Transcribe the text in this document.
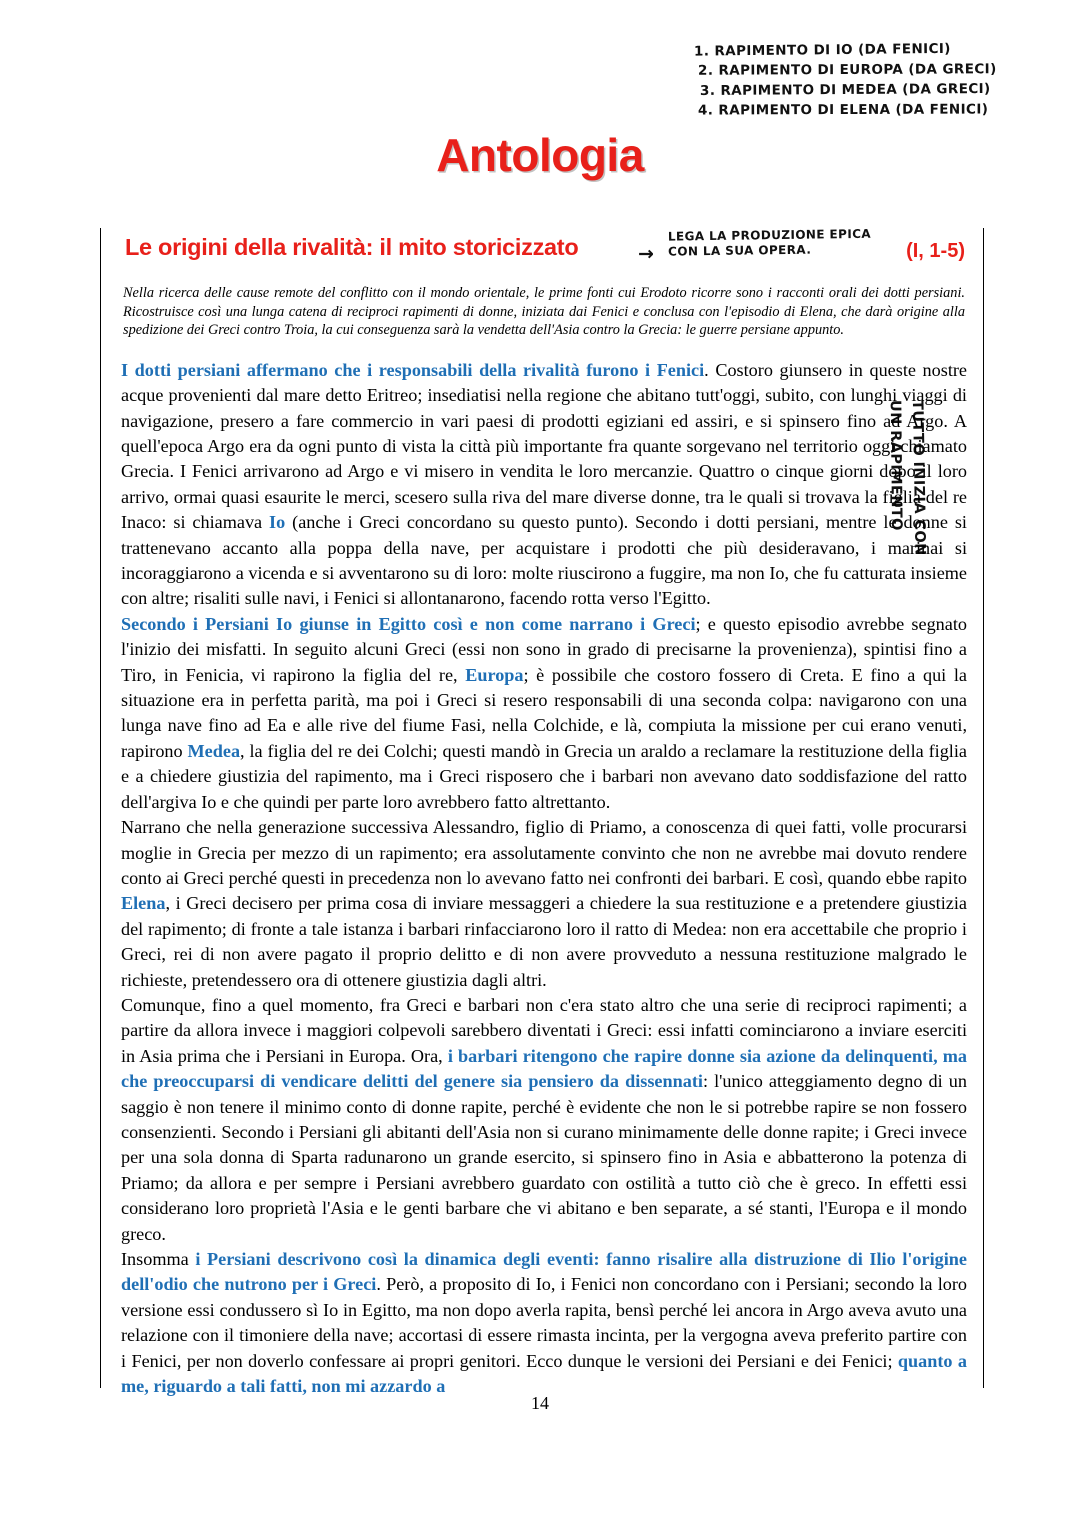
1. RAPIMENTO DI IO (DA FENICI)
2. RAPIMENTO DI EUROPA (DA GRECI)
3. RAPIMENTO DI MEDEA (DA GRECI)
4. RAPIMENTO DI ELENA (DA FENICI)
Antologia
→
LEGA LA PRODUZIONE EPICA
CON LA SUA OPERA.
TUTTO INIZIA CON
UN RAPIMENTO
Le origini della rivalità: il mito storicizzato	(I, 1-5)
Nella ricerca delle cause remote del conflitto con il mondo orientale, le prime fonti cui Erodoto ricorre sono i racconti orali dei dotti persiani. Ricostruisce così una lunga catena di reciproci rapimenti di donne, iniziata dai Fenici e conclusa con l'episodio di Elena, che darà origine alla spedizione dei Greci contro Troia, la cui conseguenza sarà la vendetta dell'Asia contro la Grecia: le guerre persiane appunto.

I dotti persiani affermano che i responsabili della rivalità furono i Fenici. Costoro giunsero in queste nostre acque provenienti dal mare detto Eritreo; insediatisi nella regione che abitano tutt'oggi, subito, con lunghi viaggi di navigazione, presero a fare commercio in vari paesi di prodotti egiziani ed assiri, e si spinsero fino ad Argo. A quell'epoca Argo era da ogni punto di vista la città più importante fra quante sorgevano nel territorio oggi chiamato Grecia. I Fenici arrivarono ad Argo e vi misero in vendita le loro mercanzie. Quattro o cinque giorni dopo il loro arrivo, ormai quasi esaurite le merci, scesero sulla riva del mare diverse donne, tra le quali si trovava la figlia del re Inaco: si chiamava Io (anche i Greci concordano su questo punto). Secondo i dotti persiani, mentre le donne si trattenevano accanto alla poppa della nave, per acquistare i prodotti che più desideravano, i marinai si incoraggiarono a vicenda e si avventarono su di loro: molte riuscirono a fuggire, ma non Io, che fu catturata insieme con altre; risaliti sulle navi, i Fenici si allontanarono, facendo rotta verso l'Egitto.

Secondo i Persiani Io giunse in Egitto così e non come narrano i Greci; e questo episodio avrebbe segnato l'inizio dei misfatti. In seguito alcuni Greci (essi non sono in grado di precisarne la provenienza), spintisi fino a Tiro, in Fenicia, vi rapirono la figlia del re, Europa; è possibile che costoro fossero di Creta. E fino a qui la situazione era in perfetta parità, ma poi i Greci si resero responsabili di una seconda colpa: navigarono con una lunga nave fino ad Ea e alle rive del fiume Fasi, nella Colchide, e là, compiuta la missione per cui erano venuti, rapirono Medea, la figlia del re dei Colchi; questi mandò in Grecia un araldo a reclamare la restituzione della figlia e a chiedere giustizia del rapimento, ma i Greci risposero che i barbari non avevano dato soddisfazione del ratto dell'argiva Io e che quindi per parte loro avrebbero fatto altrettanto.

Narrano che nella generazione successiva Alessandro, figlio di Priamo, a conoscenza di quei fatti, volle procurarsi moglie in Grecia per mezzo di un rapimento; era assolutamente convinto che non ne avrebbe mai dovuto rendere conto ai Greci perché questi in precedenza non lo avevano fatto nei confronti dei barbari. E così, quando ebbe rapito Elena, i Greci decisero per prima cosa di inviare messaggeri a chiedere la sua restituzione e a pretendere giustizia del rapimento; di fronte a tale istanza i barbari rinfacciarono loro il ratto di Medea: non era accettabile che proprio i Greci, rei di non avere pagato il proprio delitto e di non avere provveduto a nessuna restituzione malgrado le richieste, pretendessero ora di ottenere giustizia dagli altri.

Comunque, fino a quel momento, fra Greci e barbari non c'era stato altro che una serie di reciproci rapimenti; a partire da allora invece i maggiori colpevoli sarebbero diventati i Greci: essi infatti cominciarono a inviare eserciti in Asia prima che i Persiani in Europa. Ora, i barbari ritengono che rapire donne sia azione da delinquenti, ma che preoccuparsi di vendicare delitti del genere sia pensiero da dissennati: l'unico atteggiamento degno di un saggio è non tenere il minimo conto di donne rapite, perché è evidente che non le si potrebbe rapire se non fossero consenzienti. Secondo i Persiani gli abitanti dell'Asia non si curano minimamente delle donne rapite; i Greci invece per una sola donna di Sparta radunarono un grande esercito, si spinsero fino in Asia e abbatterono la potenza di Priamo; da allora e per sempre i Persiani avrebbero guardato con ostilità a tutto ciò che è greco. In effetti essi considerano loro proprietà l'Asia e le genti barbare che vi abitano e ben separate, a sé stanti, l'Europa e il mondo greco.

Insomma i Persiani descrivono così la dinamica degli eventi: fanno risalire alla distruzione di Ilio l'origine dell'odio che nutrono per i Greci. Però, a proposito di Io, i Fenici non concordano con i Persiani; secondo la loro versione essi condussero sì Io in Egitto, ma non dopo averla rapita, bensì perché lei ancora in Argo aveva avuto una relazione con il timoniere della nave; accortasi di essere rimasta incinta, per la vergogna aveva preferito partire con i Fenici, per non doverlo confessare ai propri genitori. Ecco dunque le versioni dei Persiani e dei Fenici; quanto a me, riguardo a tali fatti, non mi azzardo a

14
